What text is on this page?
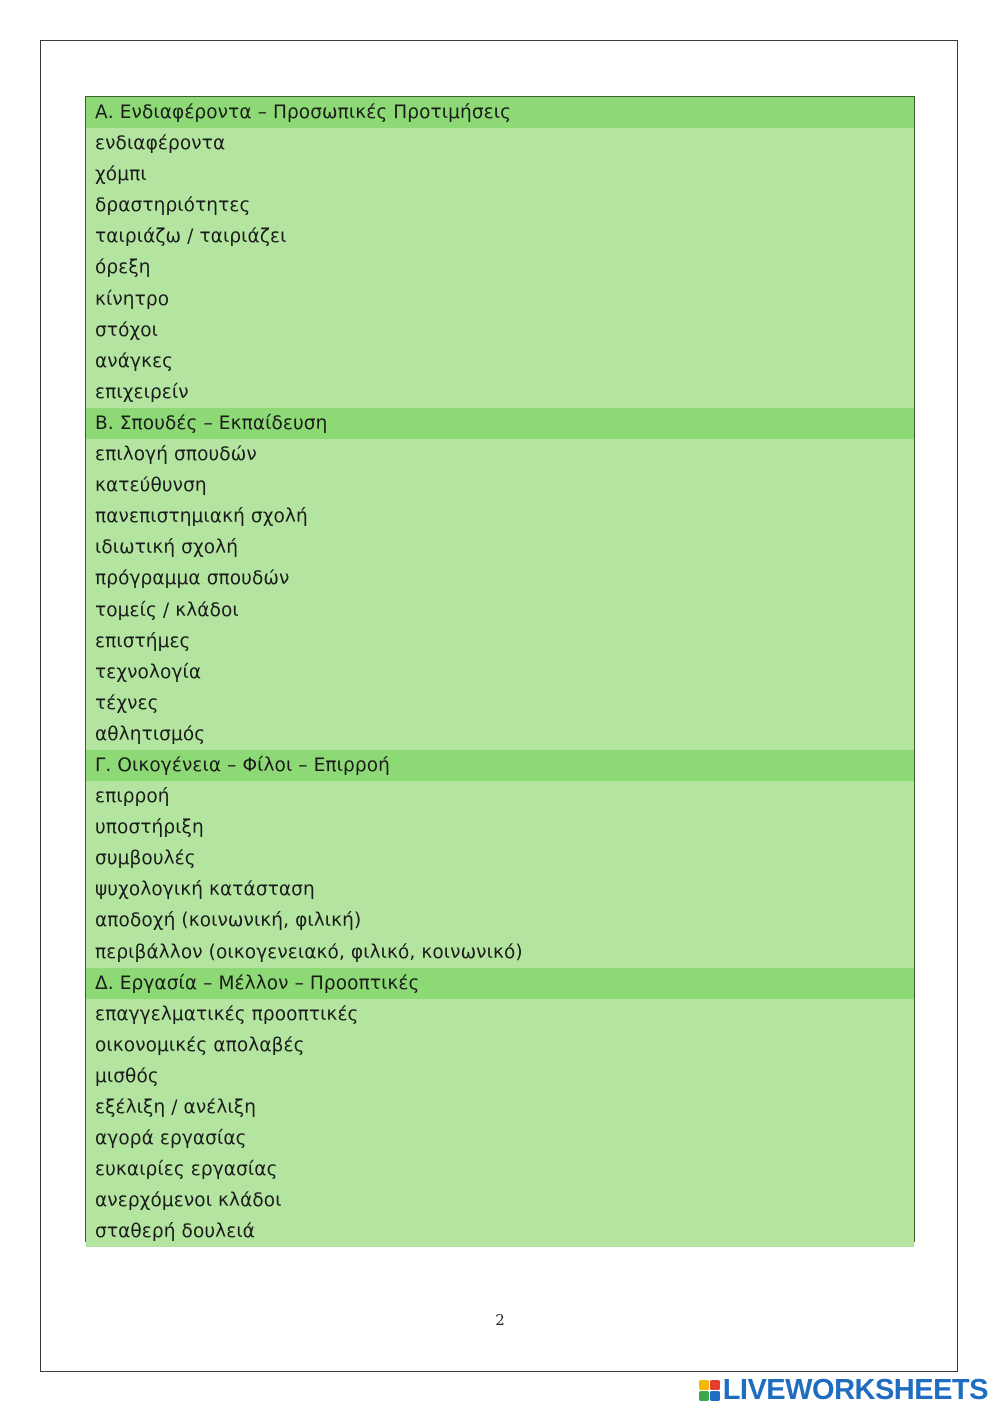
Α. Ενδιαφέροντα – Προσωπικές Προτιμήσεις
ενδιαφέροντα
χόμπι
δραστηριότητες
ταιριάζω / ταιριάζει
όρεξη
κίνητρο
στόχοι
ανάγκες
επιχειρείν
Β. Σπουδές – Εκπαίδευση
επιλογή σπουδών
κατεύθυνση
πανεπιστημιακή σχολή
ιδιωτική σχολή
πρόγραμμα σπουδών
τομείς / κλάδοι
επιστήμες
τεχνολογία
τέχνες
αθλητισμός
Γ. Οικογένεια – Φίλοι – Επιρροή
επιρροή
υποστήριξη
συμβουλές
ψυχολογική κατάσταση
αποδοχή (κοινωνική, φιλική)
περιβάλλον (οικογενειακό, φιλικό, κοινωνικό)
Δ. Εργασία – Μέλλον – Προοπτικές
επαγγελματικές προοπτικές
οικονομικές απολαβές
μισθός
εξέλιξη / ανέλιξη
αγορά εργασίας
ευκαιρίες εργασίας
ανερχόμενοι κλάδοι
σταθερή δουλειά
2
LIVEWORKSHEETS
